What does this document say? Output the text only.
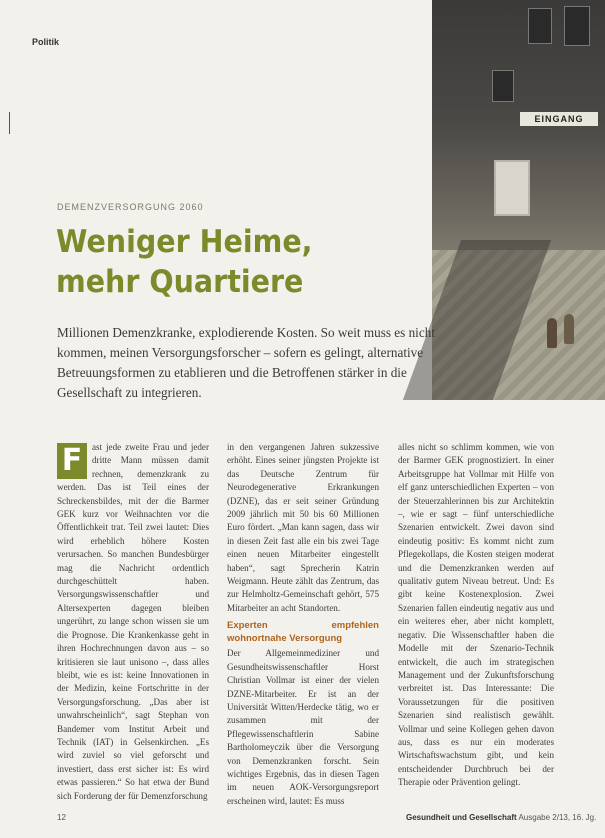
Politik
EINGANG
DEMENZVERSORGUNG 2060
Weniger Heime, mehr Quartiere
Millionen Demenzkranke, explodierende Kosten. So weit muss es nicht kommen, meinen Versorgungsforscher – sofern es gelingt, alternative Betreuungsformen zu etablieren und die Betroffenen stärker in die Gesellschaft zu integrieren.
F	ast jede zweite Frau und jeder dritte Mann müssen damit rechnen, demenzkrank zu werden. Das ist Teil eines der Schreckensbildes, mit der die Barmer GEK kurz vor Weihnachten vor die Öffentlichkeit trat. Teil zwei lautet: Dies wird erheblich höhere Kosten verursachen. So manchen Bundesbürger mag die Nachricht ordentlich durchgeschüttelt haben. Versorgungswissenschaftler und Altersexperten dagegen bleiben ungerührt, zu lange schon wissen sie um die Prognose. Die Krankenkasse geht in ihren Hochrechnungen davon aus – so kritisieren sie laut unisono –, dass alles bleibt, wie es ist: keine Innovationen in der Medizin, keine Fortschritte in der Versorgungsforschung. „Das aber ist unwahrscheinlich“, sagt Stephan von Bandemer vom Institut Arbeit und Technik (IAT) in Gelsenkirchen. „Es wird zuviel so viel geforscht und investiert, dass erst sicher ist: Es wird etwas passieren.“ So hat etwa der Bund sich Forderung der für Demenzforschung

in den vergangenen Jahren sukzessive erhöht. Eines seiner jüngsten Projekte ist das Deutsche Zentrum für Neurodegenerative Erkrankungen (DZNE), das er seit seiner Gründung 2009 jährlich mit 50 bis 60 Millionen Euro fördert. „Man kann sagen, dass wir in diesen Zeit fast alle ein bis zwei Tage einen neuen Mitarbeiter eingestellt haben“, sagt Sprecherin Katrin Weigmann. Heute zählt das Zentrum, das zur Helmholtz-Gemeinschaft gehört, 575 Mitarbeiter an acht Standorten.

Experten empfehlen wohnortnahe Versorgung

Der Allgemeinmediziner und Gesundheitswissenschaftler Horst Christian Vollmar ist einer der vielen DZNE-Mitarbeiter. Er ist an der Universität Witten/Herdecke tätig, wo er zusammen mit der Pflegewissenschaftlerin Sabine Bartholomeyczik über die Versorgung von Demenzkranken forscht. Sein wichtiges Ergebnis, das in diesen Tagen im neuen AOK-Versorgungsreport erscheinen wird, lautet: Es muss

alles nicht so schlimm kommen, wie von der Barmer GEK prognostiziert. In einer Arbeitsgruppe hat Vollmar mit Hilfe von elf ganz unterschiedlichen Experten – von der Steuerzahlerinnen bis zur Architektin –, wie er sagt – fünf unterschiedliche Szenarien entwickelt. Zwei davon sind eindeutig positiv: Es kommt nicht zum Pflegekollaps, die Kosten steigen moderat und die Demenzkranken werden auf qualitativ gutem Niveau betreut. Und: Es gibt keine Kostenexplosion. Zwei Szenarien fallen eindeutig negativ aus und ein weiteres eher, aber nicht komplett, negativ. Die Wissenschaftler haben die Modelle mit der Szenario-Technik entwickelt, die auch im strategischen Management und der Zukunftsforschung verbreitet ist. Das Interessante: Die Voraussetzungen für die positiven Szenarien sind realistisch gewählt. Vollmar und seine Kollegen gehen davon aus, dass es nur ein moderates Wirtschaftswachstum gibt, und kein entscheidender Durchbruch bei der Therapie oder Prävention gelingt.

12	Gesundheit und Gesellschaft Ausgabe 2/13, 16. Jg.
